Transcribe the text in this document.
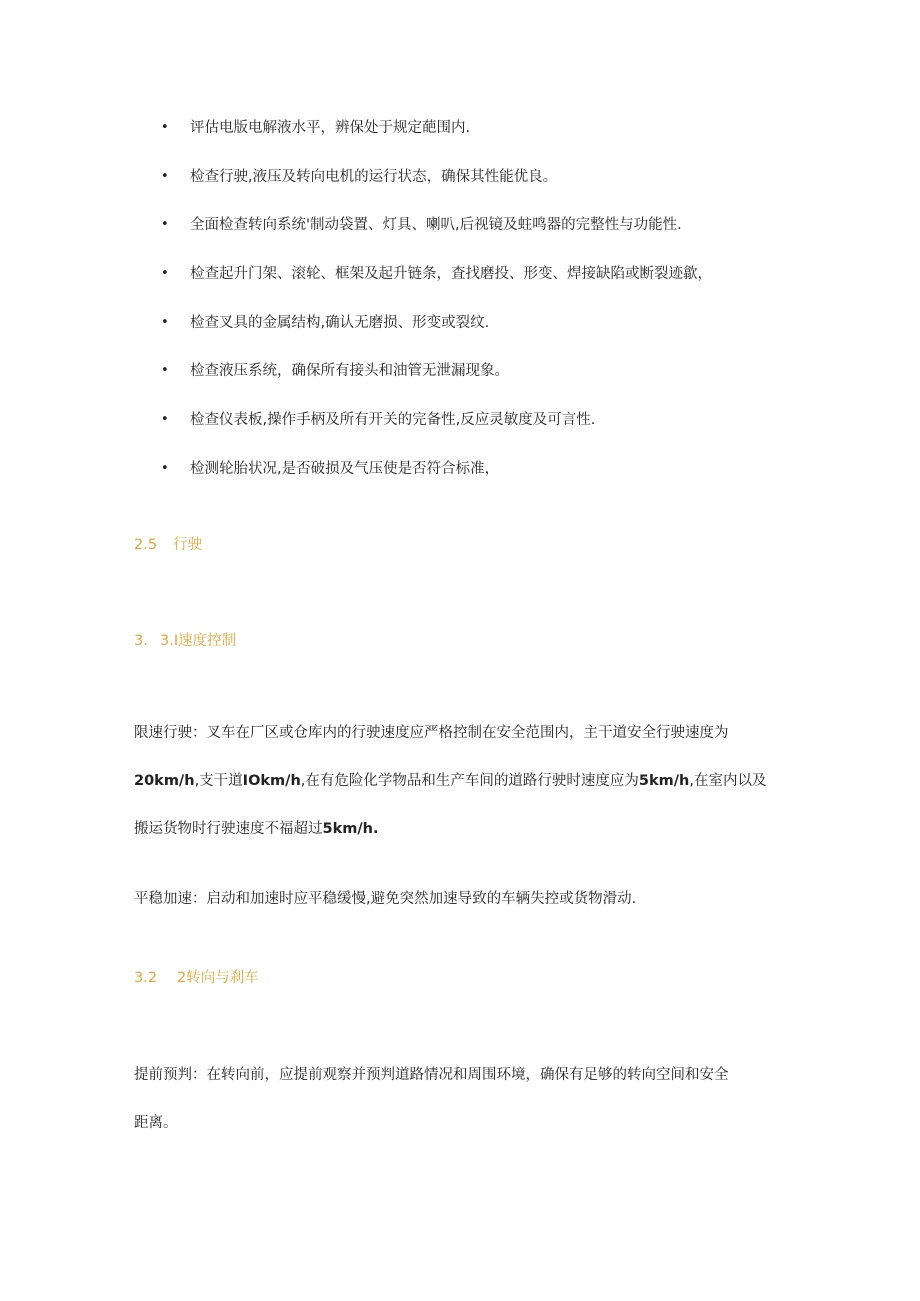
• 评估电版电解液水平，辨保处于规定葩围内.
• 检查行驶,液压及转向电机的运行状态，确保其性能优良。
• 全面检查转向系统'制动袋置、灯具、喇叭,后视镜及蛀鸣器的完整性与功能性.
• 检查起升门架、滚轮、框架及起升链条，査找磨投、形变、焊接缺陷或断裂迹歙，
• 检查叉具的金属结构,确认无磨损、形变或裂纹.
• 检查液压系统，确保所有接头和油管无泄漏现象。
• 检查仪表板,操作手柄及所有开关的完备性,反应灵敏度及可言性.
• 检测轮胎状况,是否破损及气压使是否符合标准，
2.5 行驶
3. 3.I速度控制

限速行驶：叉车在厂区或仓库内的行驶速度应严格控制在安全范围内，主干道安全行驶速度为

20km∕h,支干道IOkm∕h,在有危险化学物品和生产车间的道路行驶时速度应为5km∕h,在室内以及

搬运货物时行驶速度不福超过5km∕h.

平稳加速：启动和加速时应平稳缓慢,避免突然加速导致的车辆失控或货物滑动.

3.2 2转向与刹车

提前预判：在转向前，应提前观察并预判道路情况和周围环境，确保有足够的转向空间和安全

距离。
